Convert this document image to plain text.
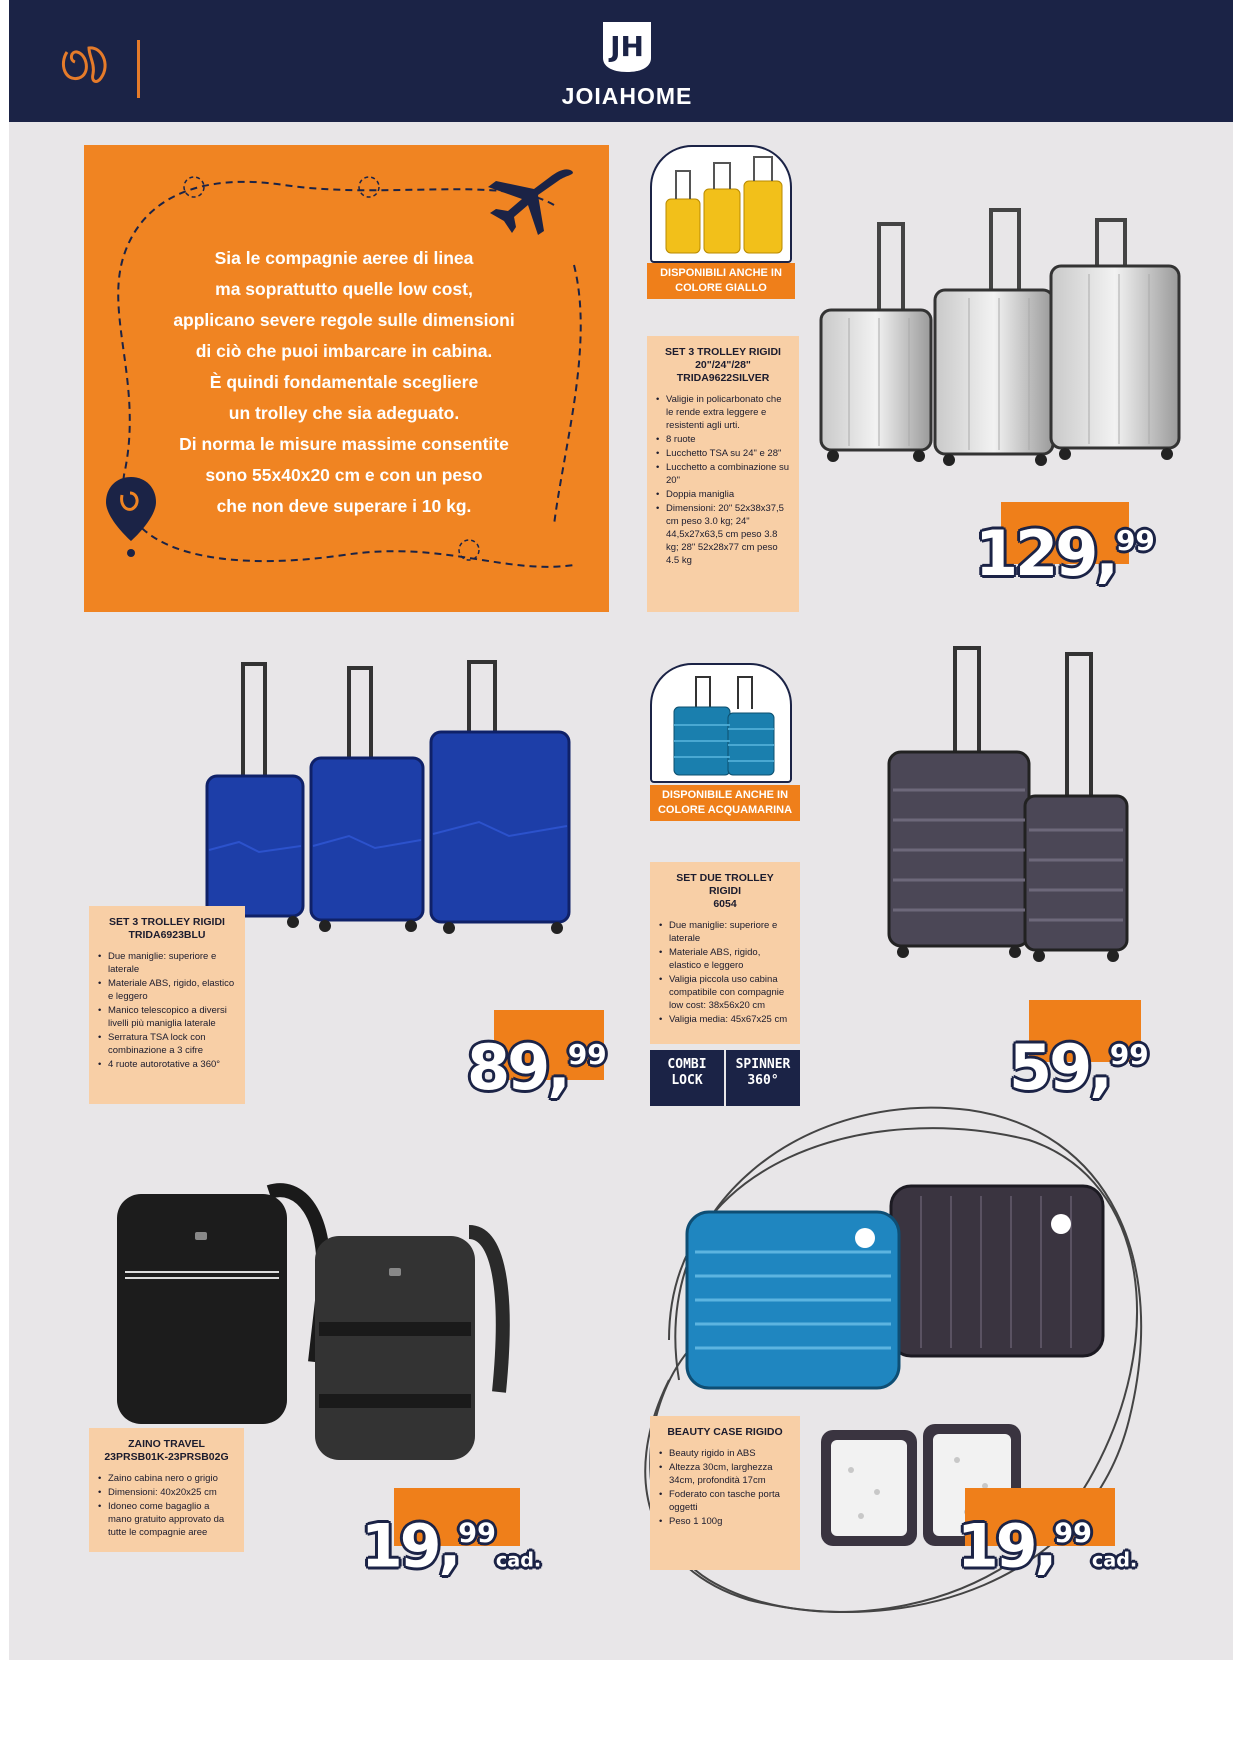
JH
JOIAHOME
Sia le compagnie aeree di linea
ma soprattutto quelle low cost,
applicano severe regole sulle dimensioni
di ciò che puoi imbarcare in cabina.
È quindi fondamentale scegliere
un trolley che sia adeguato.
Di norma le misure massime consentite
sono 55x40x20 cm e con un peso
che non deve superare i 10 kg.
DISPONIBILI ANCHE IN COLORE GIALLO
SET 3 TROLLEY RIGIDI
20"/24"/28"
TRIDA9622SILVER
• Valigie in policarbonato che le rende extra leggere e resistenti agli urti.
• 8 ruote
• Lucchetto TSA su 24" e 28"
• Lucchetto a combinazione su 20"
• Doppia maniglia
• Dimensioni: 20" 52x38x37,5 cm peso 3.0 kg; 24" 44,5x27x63,5 cm peso 3.8 kg; 28" 52x28x77 cm peso 4.5 kg	129,99
SET 3 TROLLEY RIGIDI
TRIDA6923BLU
• Due maniglie: superiore e laterale
• Materiale ABS, rigido, elastico e leggero
• Manico telescopico a diversi livelli più maniglia laterale
• Serratura TSA lock con combinazione a 3 cifre
• 4 ruote autorotative a 360°	89,99
DISPONIBILE ANCHE IN COLORE ACQUAMARINA
SET DUE TROLLEY RIGIDI
6054
• Due maniglie: superiore e laterale
• Materiale ABS, rigido, elastico e leggero
• Valigia piccola uso cabina compatibile con compagnie low cost: 38x56x20 cm
• Valigia media: 45x67x25 cm
COMBI
LOCK
SPINNER
360°	59,99
ZAINO TRAVEL
23PRSB01K-23PRSB02G
• Zaino cabina nero o grigio
• Dimensioni: 40x20x25 cm
• Idoneo come bagaglio a mano gratuito approvato da tutte le compagnie aree	19,99cad.
BEAUTY CASE RIGIDO
• Beauty rigido in ABS
• Altezza 30cm, larghezza 34cm, profondità 17cm
• Foderato con tasche porta oggetti
• Peso 1 100g	19,99cad.
